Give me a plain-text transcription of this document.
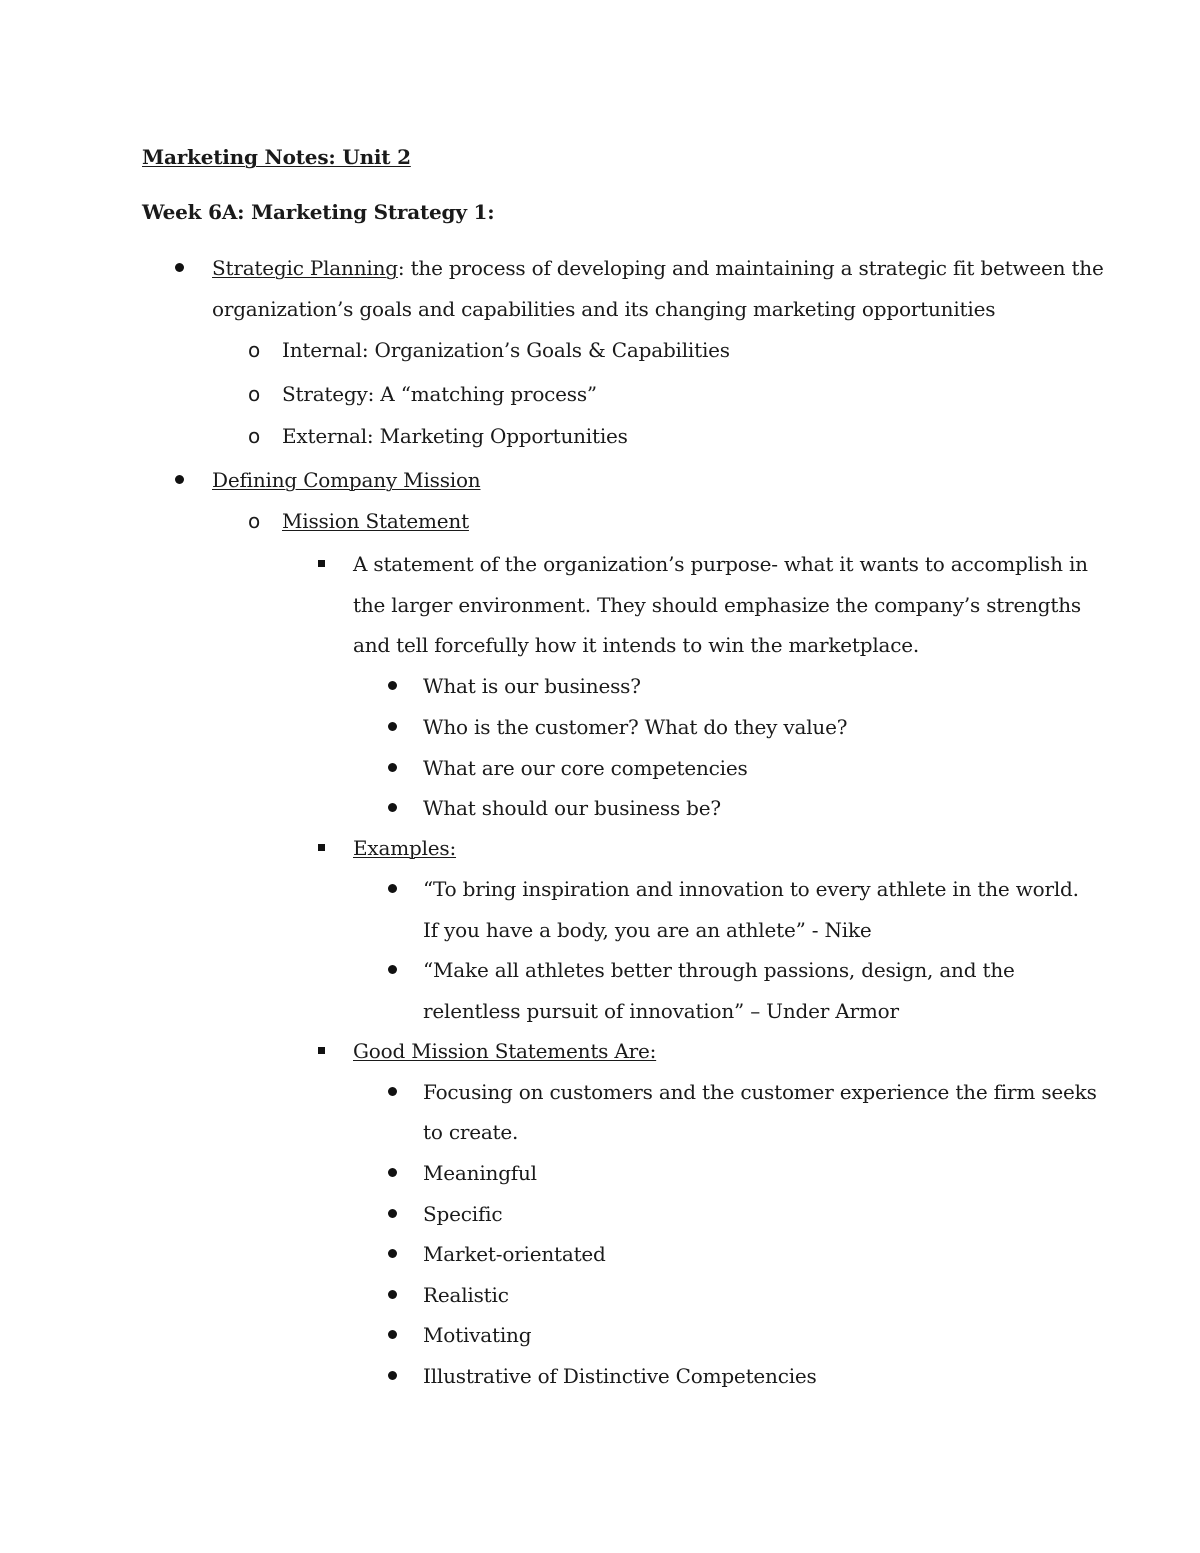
Marketing Notes: Unit 2
Week 6A: Marketing Strategy 1:
Strategic Planning: the process of developing and maintaining a strategic fit between the
organization’s goals and capabilities and its changing marketing opportunities
o Internal: Organization’s Goals & Capabilities
o Strategy: A “matching process”
o External: Marketing Opportunities
Defining Company Mission
o Mission Statement
A statement of the organization’s purpose- what it wants to accomplish in
the larger environment. They should emphasize the company’s strengths
and tell forcefully how it intends to win the marketplace.
What is our business?
Who is the customer? What do they value?
What are our core competencies
What should our business be?
Examples:
“To bring inspiration and innovation to every athlete in the world.
If you have a body, you are an athlete” - Nike
“Make all athletes better through passions, design, and the
relentless pursuit of innovation” – Under Armor
Good Mission Statements Are:
Focusing on customers and the customer experience the firm seeks
to create.
Meaningful
Specific
Market-orientated
Realistic
Motivating
Illustrative of Distinctive Competencies
